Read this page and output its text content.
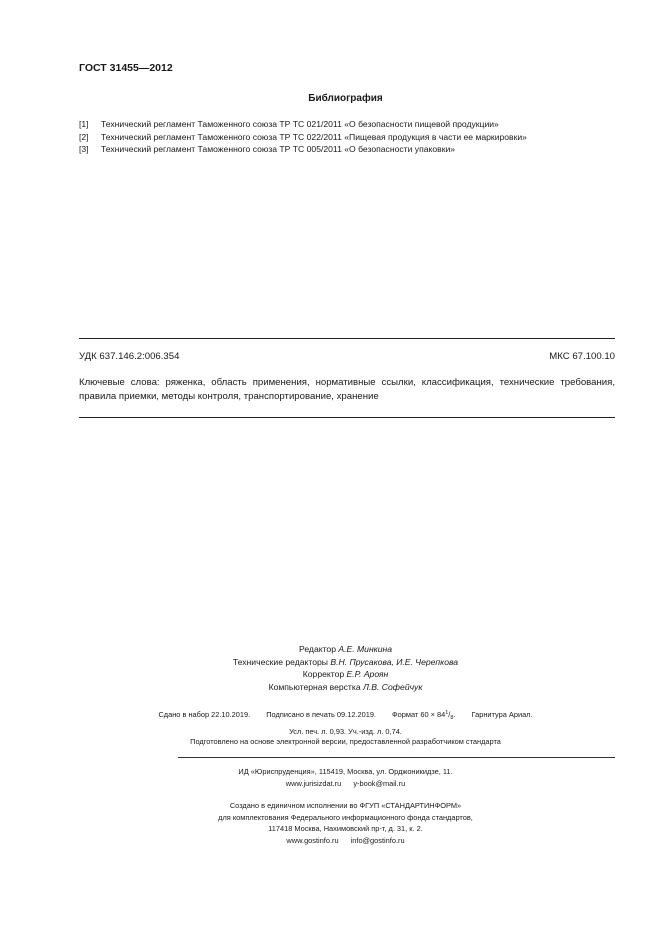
ГОСТ 31455—2012
Библиография
[1]	Технический регламент Таможенного союза ТР ТС 021/2011 «О безопасности пищевой продукции»
[2]	Технический регламент Таможенного союза ТР ТС 022/2011 «Пищевая продукция в части ее маркировки»
[3]	Технический регламент Таможенного союза ТР ТС 005/2011 «О безопасности упаковки»
УДК 637.146.2:006.354	МКС 67.100.10
Ключевые слова: ряженка, область применения, нормативные ссылки, классификация, технические требования, правила приемки, методы контроля, транспортирование, хранение
Редактор А.Е. Минкина
Технические редакторы В.Н. Прусакова, И.Е. Черепкова
Корректор Е.Р. Ароян
Компьютерная верстка Л.В. Софейчук
Сдано в набор 22.10.2019. Подписано в печать 09.12.2019. Формат $60 \times 84^1/_8$. Гарнитура Ариал.
Усл. печ. л. 0,93. Уч.-изд. л. 0,74.
Подготовлено на основе электронной версии, предоставленной разработчиком стандарта
ИД «Юриспруденция», 115419, Москва, ул. Орджоникидзе, 11.
www.jurisizdat.ru y-book@mail.ru
Создано в единичном исполнении во ФГУП «СТАНДАРТИНФОРМ»
для комплектования Федерального информационного фонда стандартов,
117418 Москва, Нахимовский пр-т, д. 31, к. 2.
www.gostinfo.ru info@gostinfo.ru
